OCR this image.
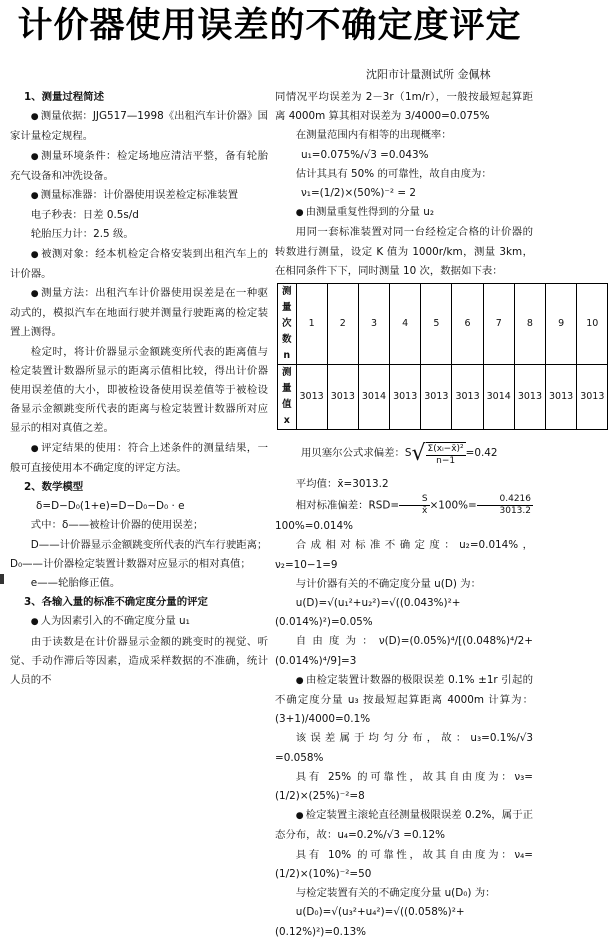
计价器使用误差的不确定度评定
沈阳市计量测试所 金佩林

1、测量过程简述

● 测量依据：JJG517—1998《出租汽车计价器》国家计量检定规程。

● 测量环境条件：检定场地应清洁平整，备有轮胎充气设备和冲洗设备。

● 测量标准器：计价器使用误差检定标准装置

电子秒表：日差 0.5s/d

轮胎压力计：2.5 级。

● 被测对象：经本机检定合格安装到出租汽车上的计价器。

● 测量方法：出租汽车计价器使用误差是在一种驱动式的，模拟汽车在地面行驶并测量行驶距离的检定装置上测得。

检定时，将计价器显示金额跳变所代表的距离值与检定装置计数器所显示的距离示值相比较，得出计价器使用误差值的大小，即被检设备使用误差值等于被检设备显示金额跳变所代表的距离与检定装置计数器所对应显示的相对真值之差。

● 评定结果的使用：符合上述条件的测量结果，一般可直接使用本不确定度的评定方法。

2、数学模型

δ=D−D₀(1+e)=D−D₀−D₀ · e

式中：δ——被检计价器的使用误差；

D——计价器显示金额跳变所代表的汽车行驶距离；

D₀——计价器检定装置计数器对应显示的相对真值；

e——轮胎修正值。

3、各输入量的标准不确定度分量的评定

● 人为因素引入的不确定度分量 u₁

由于读数是在计价器显示金额的跳变时的视觉、听觉、手动作滞后等因素，造成采样数据的不准确，统计人员的不

同情况平均误差为 2－3r（1m/r），一般按最短起算距离 4000m 算其相对误差为 3/4000=0.075%

在测量范围内有相等的出现概率：

u₁=0.075%/√3 =0.043%

估计其具有 50% 的可靠性，故自由度为：

ν₁=(1/2)×(50%)⁻² = 2

● 由测量重复性得到的分量 u₂

用同一套标准装置对同一台经检定合格的计价器的转数进行测量，设定 K 值为 1000r/km，测量 3km，在相同条件下下，同时测量 10 次，数据如下表：

测量次数 n	1	2	3	4	5	6	7	8	9	10
测量值 x	3013	3013	3014	3013	3013	3013	3014	3013	3013	3013
用贝塞尔公式求偏差：S √ $\frac{\text{Σ(xᵢ−x̄)²}}{n-1} =0.42$

平均值：x̄=3013.2

相对标准偏差：$RSD= \frac{S}{x̄} \times 100\%= \frac{0.4216}{3013.2}$
100%=0.014%

合成相对标准不确定度：u₂=0.014%，ν₂=10−1=9

与计价器有关的不确定度分量 u(D) 为：

u(D)=√(u₁²+u₂²)=√((0.043%)²+(0.014%)²)=0.05%

自由度为：ν(D)=(0.05%)⁴/[(0.048%)⁴/2+(0.014%)⁴/9]=3

● 由检定装置计数器的极限误差 0.1% ±1r 引起的不确定度分量 u₃ 按最短起算距离 4000m 计算为：(3+1)/4000=0.1%

该误差属于均匀分布，故：u₃=0.1%/√3 =0.058%

具有 25% 的可靠性，故其自由度为：ν₃=(1/2)×(25%)⁻²=8

● 检定装置主滚轮直径测量极限误差 0.2%，属于正态分布，故：u₄=0.2%/√3 =0.12%

具有 10% 的可靠性，故其自由度为：ν₄=(1/2)×(10%)⁻²=50

与检定装置有关的不确定度分量 u(D₀) 为：

u(D₀)=√(u₃²+u₄²)=√((0.058%)²+(0.12%)²)=0.13%
